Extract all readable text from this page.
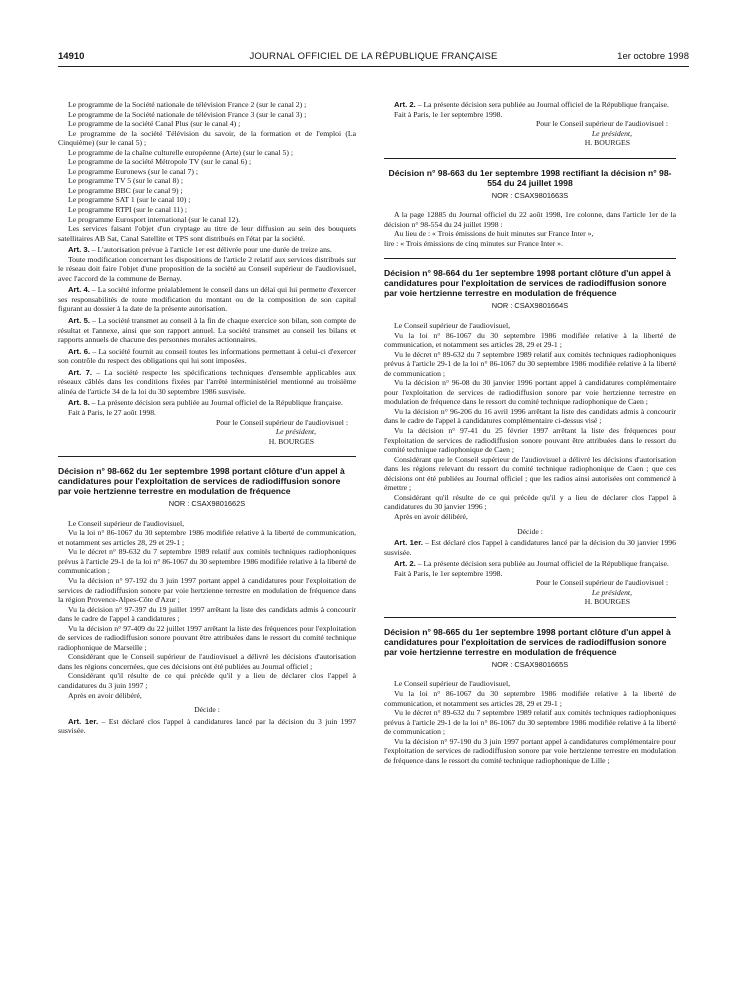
14910	JOURNAL OFFICIEL DE LA RÉPUBLIQUE FRANÇAISE	1er octobre 1998

Le programme de la Société nationale de télévision France 2 (sur le canal 2) ;

Le programme de la Société nationale de télévision France 3 (sur le canal 3) ;

Le programme de la société Canal Plus (sur le canal 4) ;

Le programme de la société Télévision du savoir, de la formation et de l'emploi (La Cinquième) (sur le canal 5) ;

Le programme de la chaîne culturelle européenne (Arte) (sur le canal 5) ;

Le programme de la société Métropole TV (sur le canal 6) ;

Le programme Euronews (sur le canal 7) ;

Le programme TV 5 (sur le canal 8) ;

Le programme BBC (sur le canal 9) ;

Le programme SAT 1 (sur le canal 10) ;

Le programme RTPI (sur le canal 11) ;

Le programme Eurosport international (sur le canal 12).

Les services faisant l'objet d'un cryptage au titre de leur diffusion au sein des bouquets satellitaires AB Sat, Canal Satellite et TPS sont distribués en l'état par la société.

Art. 3. – L'autorisation prévue à l'article 1er est délivrée pour une durée de treize ans.

Toute modification concernant les dispositions de l'article 2 relatif aux services distribués sur le réseau doit faire l'objet d'une proposition de la société au Conseil supérieur de l'audiovisuel, avec l'accord de la commune de Bernay.

Art. 4. – La société informe préalablement le conseil dans un délai qui lui permette d'exercer ses responsabilités de toute modification du montant ou de la composition de son capital figurant au dossier à la date de la présente autorisation.

Art. 5. – La société transmet au conseil à la fin de chaque exercice son bilan, son compte de résultat et l'annexe, ainsi que son rapport annuel. La société transmet au conseil les bilans et rapports annuels de chacune des personnes morales actionnaires.

Art. 6. – La société fournit au conseil toutes les informations permettant à celui-ci d'exercer son contrôle du respect des obligations qui lui sont imposées.

Art. 7. – La société respecte les spécifications techniques d'ensemble applicables aux réseaux câblés dans les conditions fixées par l'arrêté interministériel mentionné au troisième alinéa de l'article 34 de la loi du 30 septembre 1986 susvisée.

Art. 8. – La présente décision sera publiée au Journal officiel de la République française.

Fait à Paris, le 27 août 1998.

Pour le Conseil supérieur de l'audiovisuel :

Le président,

H. BOURGES

Décision n° 98-662 du 1er septembre 1998 portant clôture d'un appel à candidatures pour l'exploitation de services de radiodiffusion sonore par voie hertzienne terrestre en modulation de fréquence
NOR : CSAX9801662S

Le Conseil supérieur de l'audiovisuel,

Vu la loi n° 86-1067 du 30 septembre 1986 modifiée relative à la liberté de communication, et notamment ses articles 28, 29 et 29-1 ;

Vu le décret n° 89-632 du 7 septembre 1989 relatif aux comités techniques radiophoniques prévus à l'article 29-1 de la loi n° 86-1067 du 30 septembre 1986 modifiée relative à la liberté de communication ;

Vu la décision n° 97-192 du 3 juin 1997 portant appel à candidatures pour l'exploitation de services de radiodiffusion sonore par voie hertzienne terrestre en modulation de fréquence dans la région Provence-Alpes-Côte d'Azur ;

Vu la décision n° 97-397 du 19 juillet 1997 arrêtant la liste des candidats admis à concourir dans le cadre de l'appel à candidatures ;

Vu la décision n° 97-409 du 22 juillet 1997 arrêtant la liste des fréquences pour l'exploitation de services de radiodiffusion sonore pouvant être attribuées dans le ressort du comité technique radiophonique de Marseille ;

Considérant que le Conseil supérieur de l'audiovisuel a délivré les décisions d'autorisation dans les régions concernées, que ces décisions ont été publiées au Journal officiel ;

Considérant qu'il résulte de ce qui précède qu'il y a lieu de déclarer clos l'appel à candidatures du 3 juin 1997 ;

Après en avoir délibéré,

Décide :

Art. 1er. – Est déclaré clos l'appel à candidatures lancé par la décision du 3 juin 1997 susvisée.

Art. 2. – La présente décision sera publiée au Journal officiel de la République française.

Fait à Paris, le 1er septembre 1998.

Pour le Conseil supérieur de l'audiovisuel :

Le président,

H. BOURGES

Décision n° 98-663 du 1er septembre 1998 rectifiant la décision n° 98-554 du 24 juillet 1998
NOR : CSAX9801663S

A la page 12885 du Journal officiel du 22 août 1998, 1re colonne, dans l'article 1er de la décision n° 98-554 du 24 juillet 1998 :

Au lieu de : « Trois émissions de huit minutes sur France Inter »,

lire : « Trois émissions de cinq minutes sur France Inter ».

Décision n° 98-664 du 1er septembre 1998 portant clôture d'un appel à candidatures pour l'exploitation de services de radiodiffusion sonore par voie hertzienne terrestre en modulation de fréquence
NOR : CSAX9801664S

Le Conseil supérieur de l'audiovisuel,

Vu la loi n° 86-1067 du 30 septembre 1986 modifiée relative à la liberté de communication, et notamment ses articles 28, 29 et 29-1 ;

Vu le décret n° 89-632 du 7 septembre 1989 relatif aux comités techniques radiophoniques prévus à l'article 29-1 de la loi n° 86-1067 du 30 septembre 1986 modifiée relative à la liberté de communication ;

Vu la décision n° 96-08 du 30 janvier 1996 portant appel à candidatures complémentaire pour l'exploitation de services de radiodiffusion sonore par voie hertzienne terrestre en modulation de fréquence dans le ressort du comité technique radiophonique de Caen ;

Vu la décision n° 96-206 du 16 avril 1996 arrêtant la liste des candidats admis à concourir dans le cadre de l'appel à candidatures complémentaire ci-dessus visé ;

Vu la décision n° 97-41 du 25 février 1997 arrêtant la liste des fréquences pour l'exploitation de services de radiodiffusion sonore pouvant être attribuées dans le ressort du comité technique radiophonique de Caen ;

Considérant que le Conseil supérieur de l'audiovisuel a délivré les décisions d'autorisation dans les régions relevant du ressort du comité technique radiophonique de Caen ; que ces décisions ont été publiées au Journal officiel ; que les radios ainsi autorisées ont commencé à émettre ;

Considérant qu'il résulte de ce qui précède qu'il y a lieu de déclarer clos l'appel à candidatures du 30 janvier 1996 ;

Après en avoir délibéré,

Décide :

Art. 1er. – Est déclaré clos l'appel à candidatures lancé par la décision du 30 janvier 1996 susvisée.

Art. 2. – La présente décision sera publiée au Journal officiel de la République française.

Fait à Paris, le 1er septembre 1998.

Pour le Conseil supérieur de l'audiovisuel :

Le président,

H. BOURGES

Décision n° 98-665 du 1er septembre 1998 portant clôture d'un appel à candidatures pour l'exploitation de services de radiodiffusion sonore par voie hertzienne terrestre en modulation de fréquence
NOR : CSAX9801665S

Le Conseil supérieur de l'audiovisuel,

Vu la loi n° 86-1067 du 30 septembre 1986 modifiée relative à la liberté de communication, et notamment ses articles 28, 29 et 29-1 ;

Vu le décret n° 89-632 du 7 septembre 1989 relatif aux comités techniques radiophoniques prévus à l'article 29-1 de la loi n° 86-1067 du 30 septembre 1986 modifiée relative à la liberté de communication ;

Vu la décision n° 97-190 du 3 juin 1997 portant appel à candidatures complémentaire pour l'exploitation de services de radiodiffusion sonore par voie hertzienne terrestre en modulation de fréquence dans le ressort du comité technique radiophonique de Lille ;
